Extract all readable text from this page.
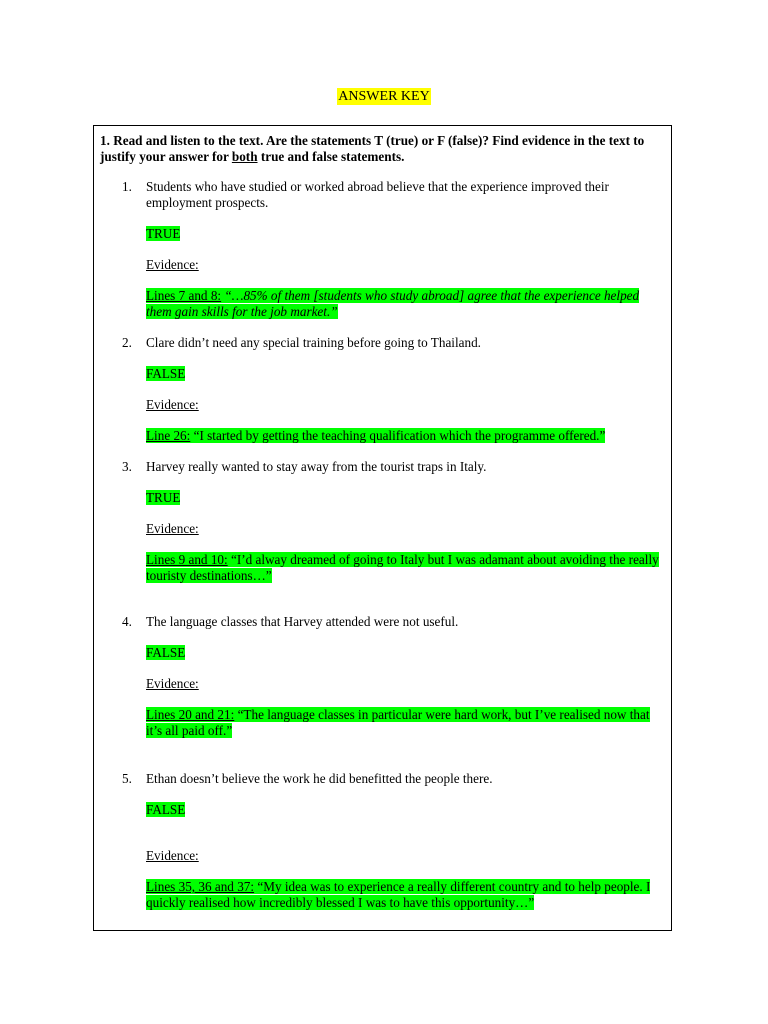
ANSWER KEY
1. Read and listen to the text. Are the statements T (true) or F (false)? Find evidence in the text to justify your answer for both true and false statements.
1.	Students who have studied or worked abroad believe that the experience improved their employment prospects.
TRUE
Evidence:
Lines 7 and 8: “…85% of them [students who study abroad] agree that the experience helped them gain skills for the job market.”
2.	Clare didn’t need any special training before going to Thailand.
FALSE
Evidence:
Line 26: “I started by getting the teaching qualification which the programme offered.”
3.	Harvey really wanted to stay away from the tourist traps in Italy.
TRUE
Evidence:
Lines 9 and 10: “I’d alway dreamed of going to Italy but I was adamant about avoiding the really touristy destinations…”
4.	The language classes that Harvey attended were not useful.
FALSE
Evidence:
Lines 20 and 21: “The language classes in particular were hard work, but I’ve realised now that it’s all paid off.”
5.	Ethan doesn’t believe the work he did benefitted the people there.
FALSE
Evidence:
Lines 35, 36 and 37: “My idea was to experience a really different country and to help people. I quickly realised how incredibly blessed I was to have this opportunity…”
